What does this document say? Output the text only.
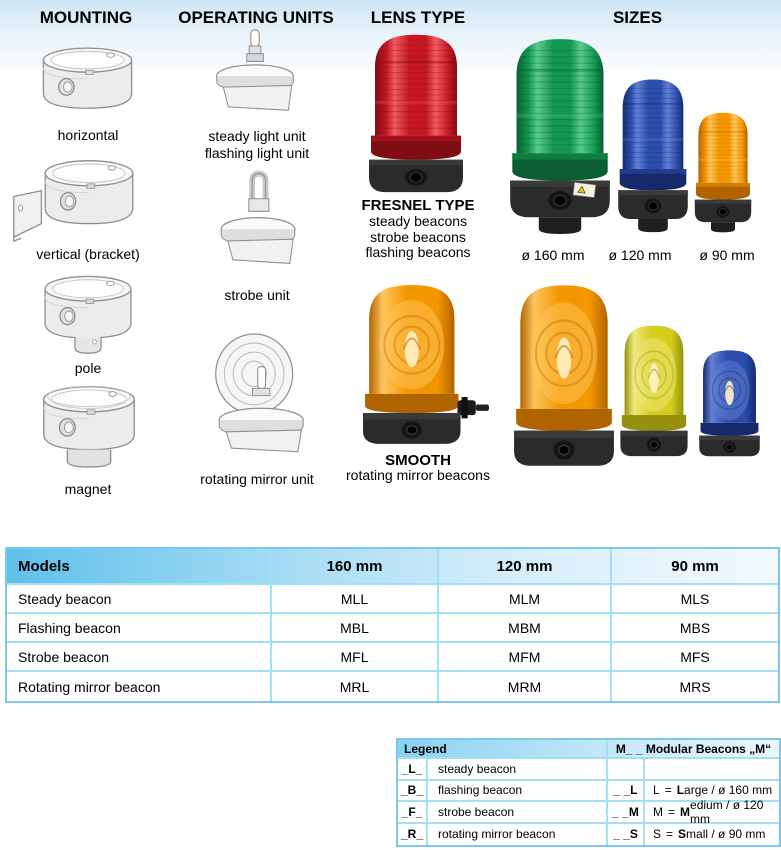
MOUNTING	OPERATING UNITS	LENS TYPE	SIZES
horizontal
vertical (bracket)
pole
magnet
steady light unit
flashing light unit
strobe unit
rotating mirror unit
FRESNEL TYPE
steady beacons
strobe beacons
flashing beacons
SMOOTH
rotating mirror beacons
ø 160 mm	ø 120 mm	ø 90 mm
Models	160 mm	120 mm	90 mm
Steady beacon	MLL	MLM	MLS
Flashing beacon	MBL	MBM	MBS
Strobe beacon	MFL	MFM	MFS
Rotating mirror beacon	MRL	MRM	MRS
Legend	M_ _ Modular Beacons „M“
_L_	steady beacon
_B_	flashing beacon	_ _L	L = L arge / ø 160 mm
_F_	strobe beacon	_ _M	M = M edium / ø 120 mm
_R_	rotating mirror beacon	_ _S	S = S mall / ø 90 mm
